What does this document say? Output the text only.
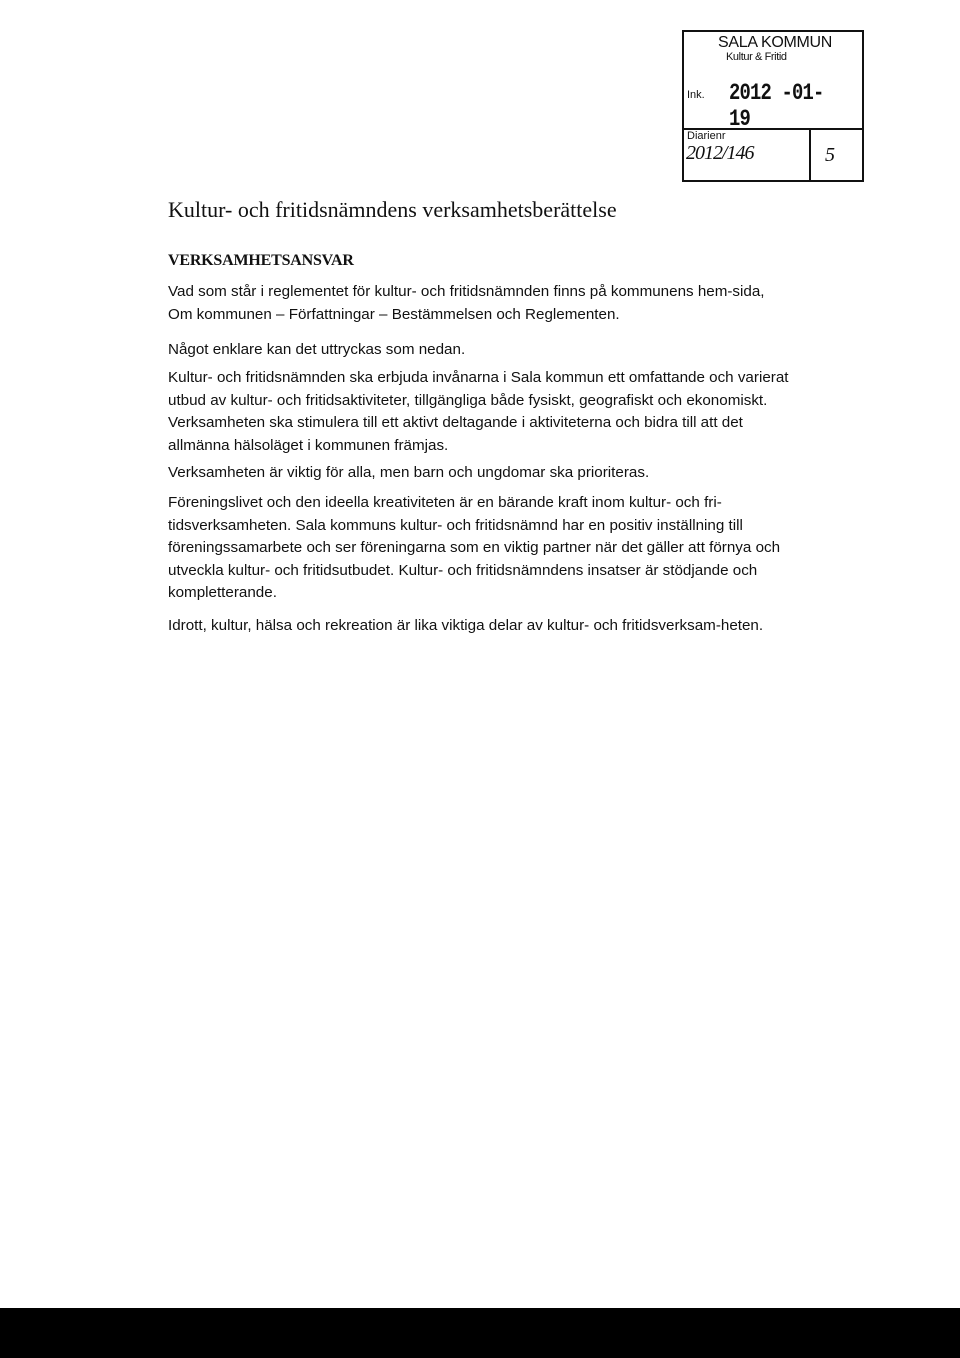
SALA KOMMUN
Kultur & Fritid
Ink. 2012 -01- 19
Diarienr
2012/146	5
Kultur- och fritidsnämndens verksamhetsberättelse
VERKSAMHETSANSVAR

Vad som står i reglementet för kultur- och fritidsnämnden finns på kommunens hem-sida, Om kommunen – Författningar – Bestämmelsen och Reglementen.

Något enklare kan det uttryckas som nedan.

Kultur- och fritidsnämnden ska erbjuda invånarna i Sala kommun ett omfattande och varierat utbud av kultur- och fritidsaktiviteter, tillgängliga både fysiskt, geografiskt och ekonomiskt. Verksamheten ska stimulera till ett aktivt deltagande i aktiviteterna och bidra till att det allmänna hälsoläget i kommunen främjas.

Verksamheten är viktig för alla, men barn och ungdomar ska prioriteras.

Föreningslivet och den ideella kreativiteten är en bärande kraft inom kultur- och fri-tidsverksamheten. Sala kommuns kultur- och fritidsnämnd har en positiv inställning till föreningssamarbete och ser föreningarna som en viktig partner när det gäller att förnya och utveckla kultur- och fritidsutbudet. Kultur- och fritidsnämndens insatser är stödjande och kompletterande.

Idrott, kultur, hälsa och rekreation är lika viktiga delar av kultur- och fritidsverksam-heten.
